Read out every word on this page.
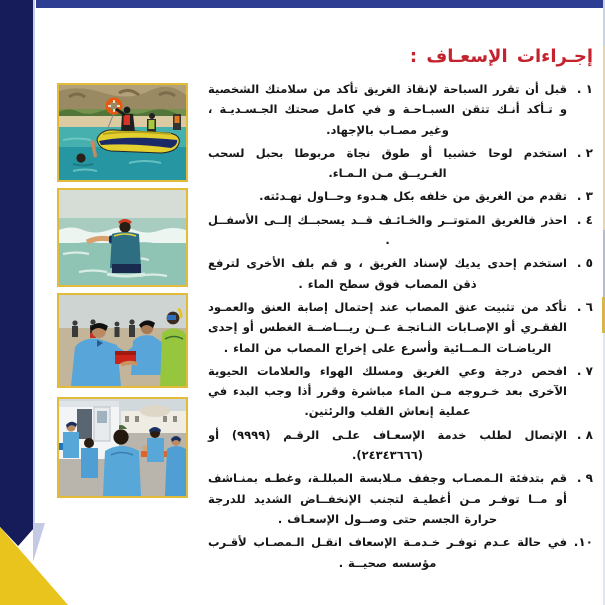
إجـراءات الإسعـاف :
١ .
قبل أن تقرر السباحة لإنقاذ الغريق تأكد من سلامتك الشخصية و تـأكد أنـك تتقن السبـاحـة و في كامل صحتك الجـسـديـة ، وغير مصـاب بالإجهاد.
٢ .
استخدم لوحا خشبيا أو طوق نجاة مربوطا بحبل لسحب الغـريــق مـن الـمـاء.
٣ .
تقدم من الغريق من خلفه بكل هـدوء وحــاول تهـدئته.
٤ .
احذر فالغريق المتوتــر والخـائـف قــد يسحبــك إلــى الأسفــل .
٥ .
استخدم إحدى يديك لإسناد الغريق ، و قم بلف الأخرى لترفع ذقن المصاب فوق سطح الماء .
٦ .
تأكد من تثبيت عنق المصاب عند إحتمال إصابة العنق والعمـود الفقـري أو الإصـابات النـاتجـة عــن ريـــاضــة الغطس أو إحدى الرياضـات الـمــائية وأسرع على إخراج المصاب من الماء .
٧ .
افحص درجة وعي الغريق ومسلك الهواء والعلامات الحيوية الآخرى بعد خـروجه مـن الماء مباشرة وقرر أذا وجب البدء في عملية إنعاش القلب والرئتين.
٨ .
الإتصال لطلب خدمة الإسعـاف علـى الرقـم (٩٩٩٩) أو (٢٤٣٤٣٦٦٦).
٩ .
قم بتدفئة الـمصـاب وجفف مـلابسة المبللـة، وغطـه بمنـاشف أو مــا توفـر مـن أغطيـة لتجنب الإنخفــاض الشديد للدرجة حرارة الجسم حتى وصــول الإسعـاف .
١٠.
في حالة عـدم توفـر خـدمـة الإسعاف انقـل الـمصـاب لأقـرب مؤسسه صحيــة .
